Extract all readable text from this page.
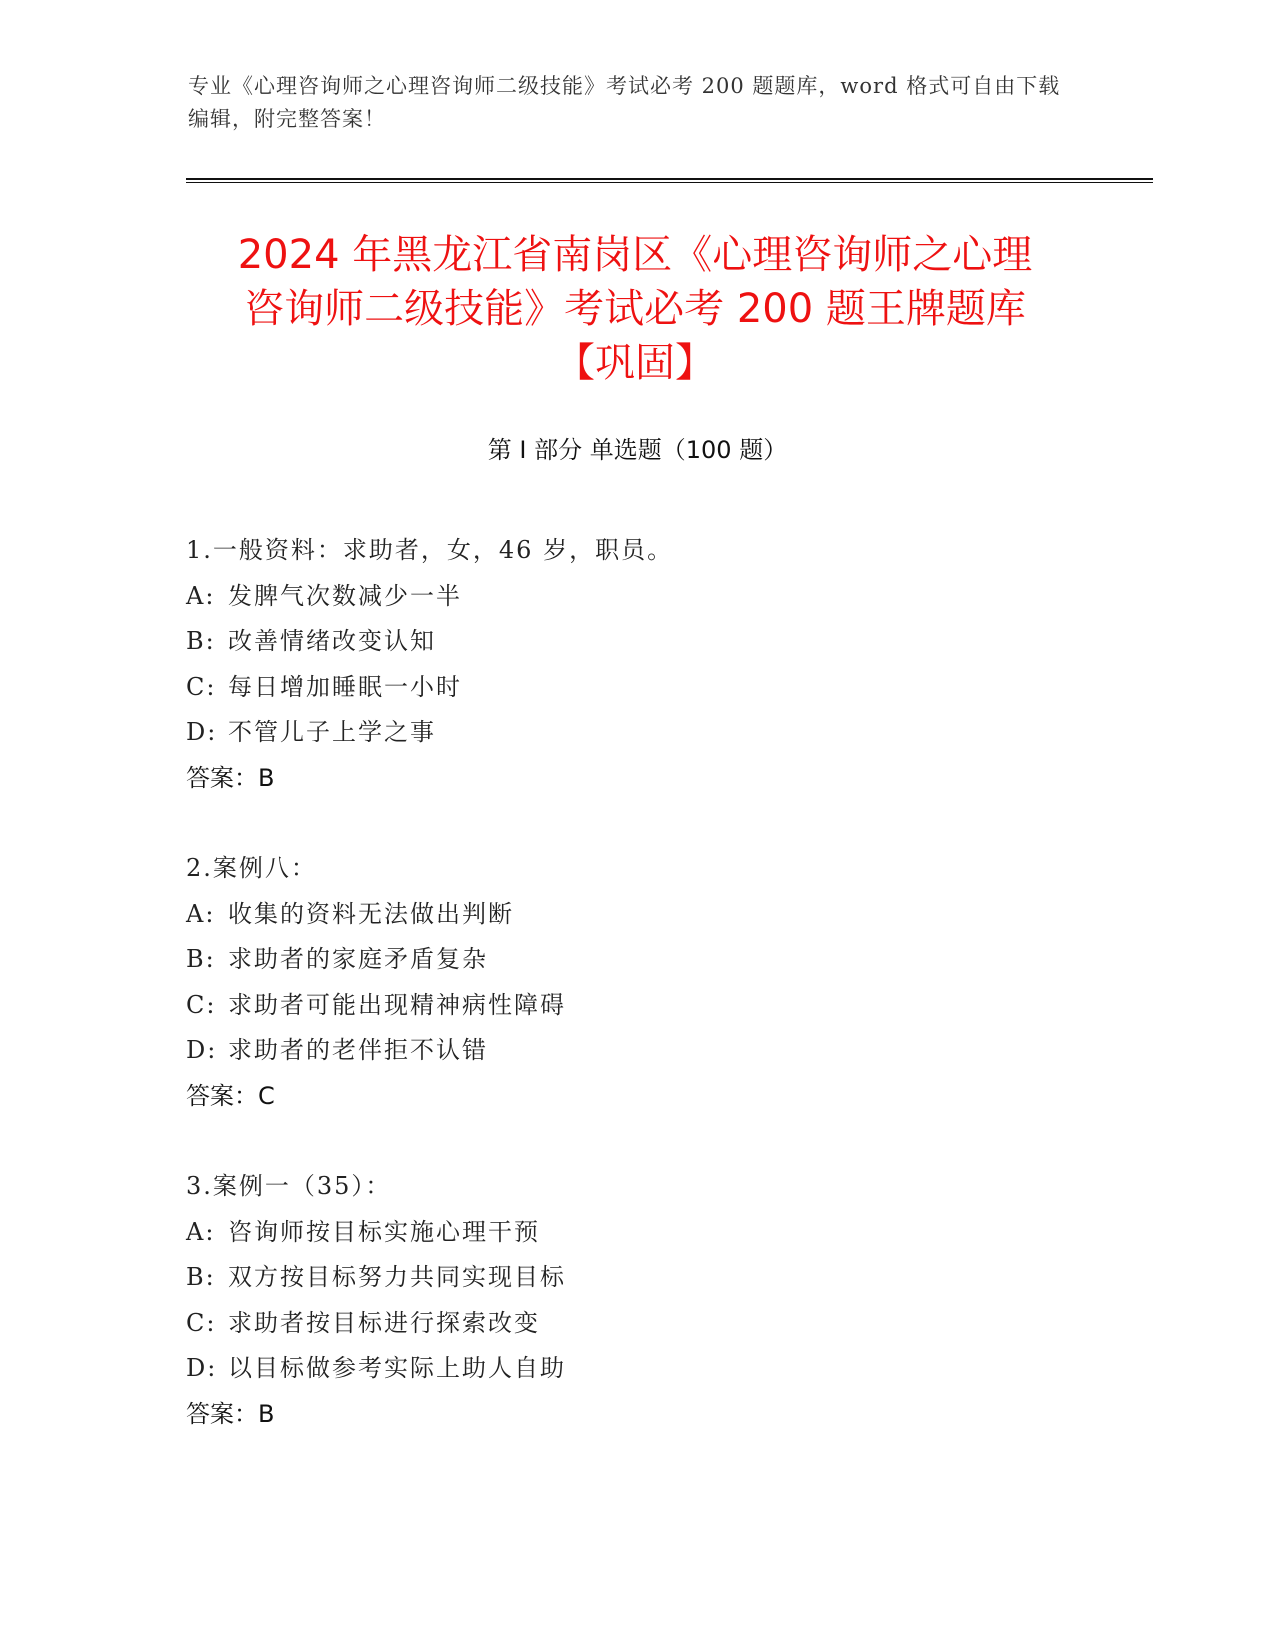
专业《心理咨询师之心理咨询师二级技能》考试必考 200 题题库，word 格式可自由下载编辑，附完整答案！

2024 年黑龙江省南岗区《心理咨询师之心理
咨询师二级技能》考试必考 200 题王牌题库
【巩固】
第 I 部分 单选题（100 题）
1.一般资料：求助者，女，46 岁，职员。
A: 发脾气次数减少一半
B: 改善情绪改变认知
C: 每日增加睡眠一小时
D: 不管儿子上学之事
答案：B
2.案例八：
A: 收集的资料无法做出判断
B: 求助者的家庭矛盾复杂
C: 求助者可能出现精神病性障碍
D: 求助者的老伴拒不认错
答案：C
3.案例一（35）：
A: 咨询师按目标实施心理干预
B: 双方按目标努力共同实现目标
C: 求助者按目标进行探索改变
D: 以目标做参考实际上助人自助
答案：B
